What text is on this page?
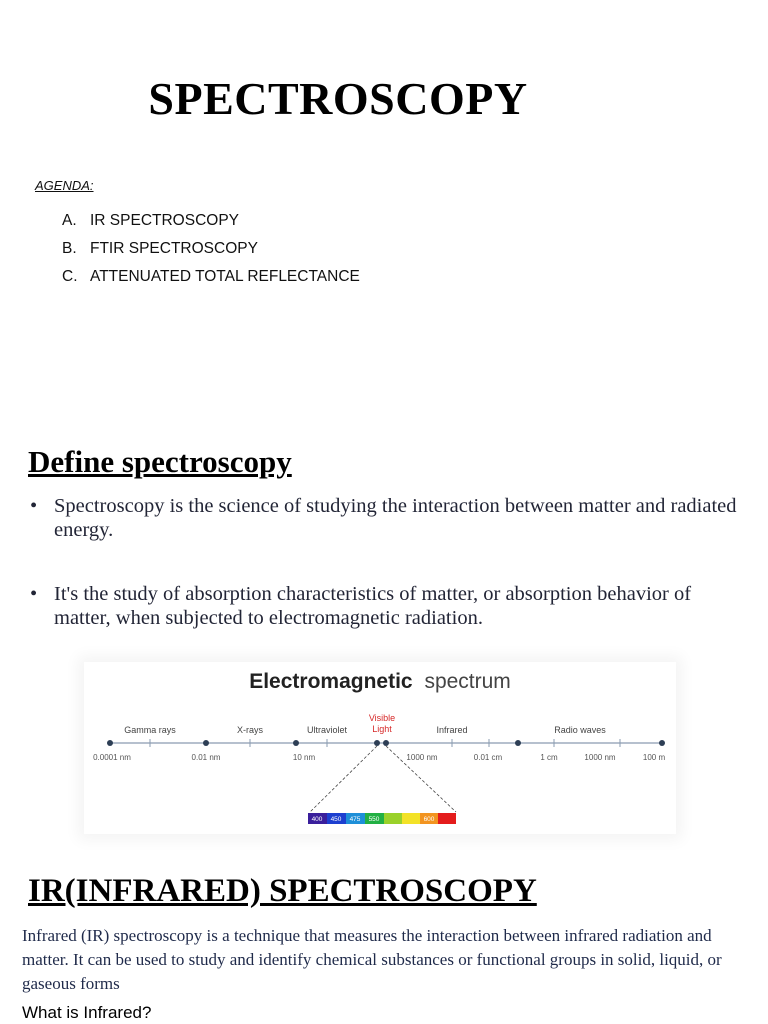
SPECTROSCOPY
AGENDA:
A. IR SPECTROSCOPY
B. FTIR SPECTROSCOPY
C. ATTENUATED TOTAL REFLECTANCE
Define spectroscopy
• Spectroscopy is the science of studying the interaction between matter and radiated energy.
• It's the study of absorption characteristics of matter, or absorption behavior of matter, when subjected to electromagnetic radiation.
Electromagnetic spectrum
Gamma rays	X-rays	Ultraviolet
Visible
Light	Infrared	Radio waves
0.0001 nm	0.01 nm	10 nm	1000 nm	0.01 cm	1 cm	1000 nm	100 m
400 450 475 550	600
IR(INFRARED) SPECTROSCOPY
Infrared (IR) spectroscopy is a technique that measures the interaction between infrared radiation and matter. It can be used to study and identify chemical substances or functional groups in solid, liquid, or gaseous forms
What is Infrared?
